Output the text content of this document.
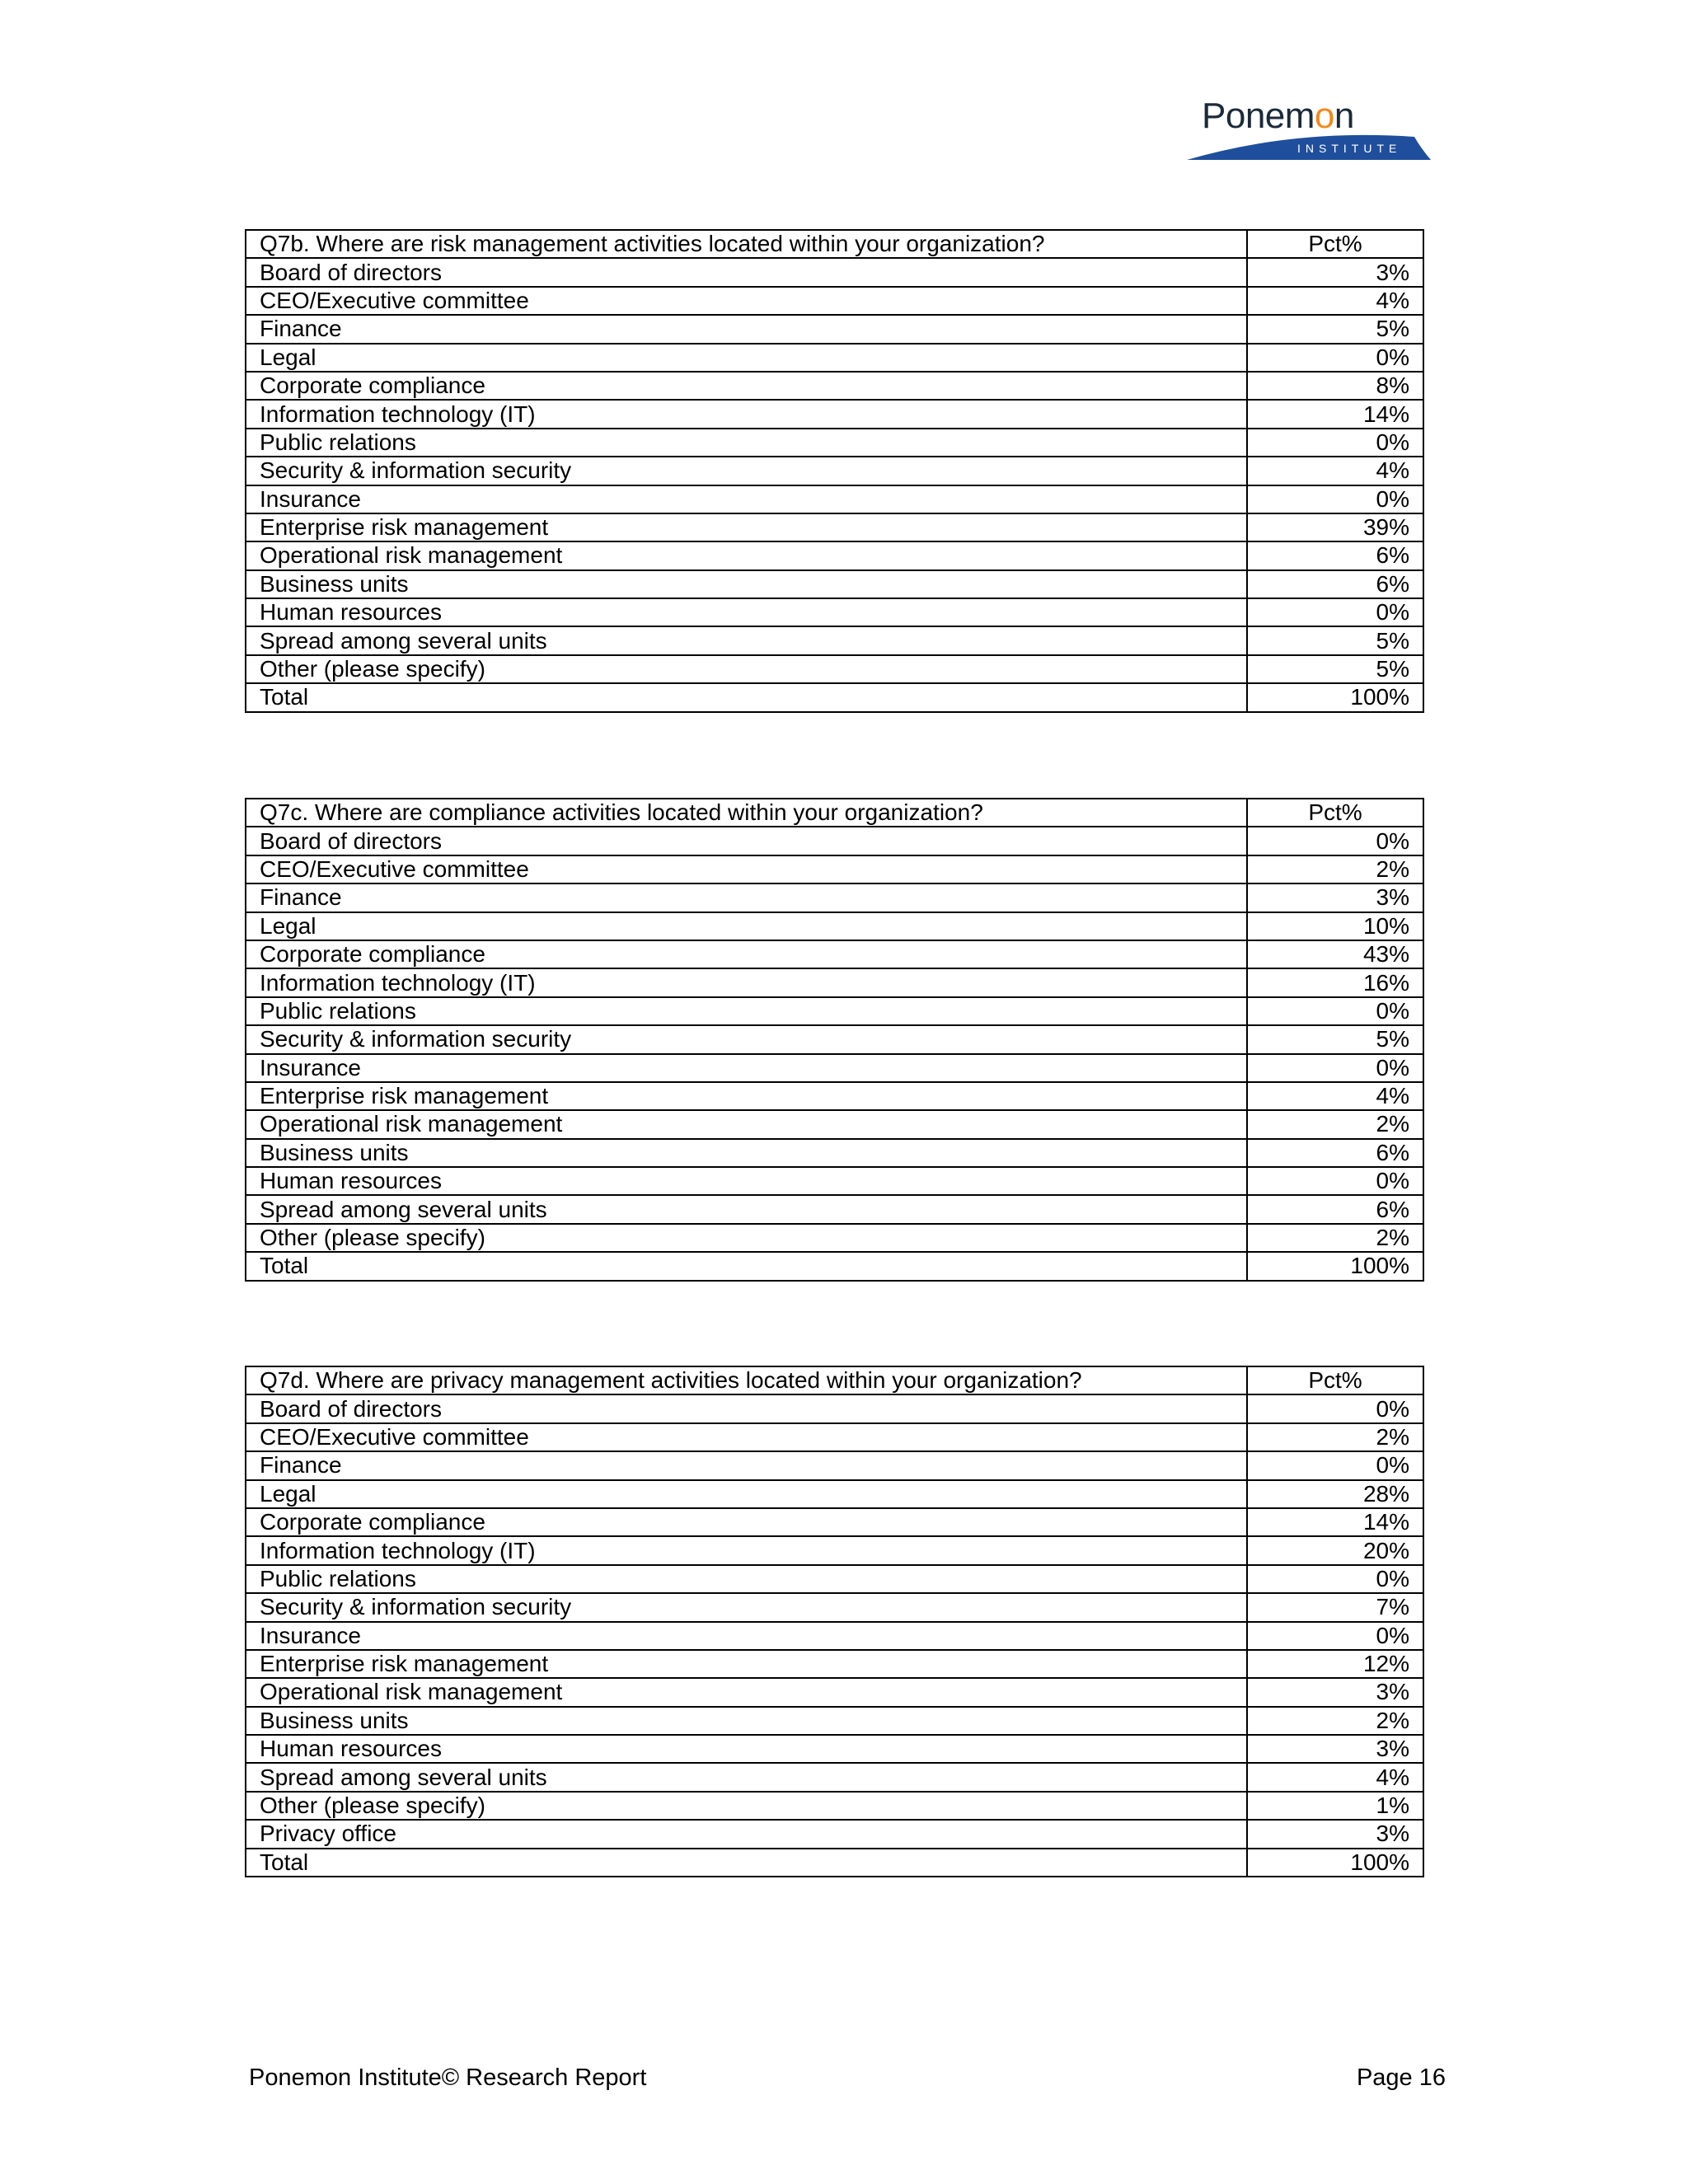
Ponemon
INSTITUTE
Q7b. Where are risk management activities located within your organization?	Pct%
Board of directors	3%
CEO/Executive committee	4%
Finance	5%
Legal	0%
Corporate compliance	8%
Information technology (IT)	14%
Public relations	0%
Security & information security	4%
Insurance	0%
Enterprise risk management	39%
Operational risk management	6%
Business units	6%
Human resources	0%
Spread among several units	5%
Other (please specify)	5%
Total	100%
Q7c. Where are compliance activities located within your organization?	Pct%
Board of directors	0%
CEO/Executive committee	2%
Finance	3%
Legal	10%
Corporate compliance	43%
Information technology (IT)	16%
Public relations	0%
Security & information security	5%
Insurance	0%
Enterprise risk management	4%
Operational risk management	2%
Business units	6%
Human resources	0%
Spread among several units	6%
Other (please specify)	2%
Total	100%
Q7d. Where are privacy management activities located within your organization?	Pct%
Board of directors	0%
CEO/Executive committee	2%
Finance	0%
Legal	28%
Corporate compliance	14%
Information technology (IT)	20%
Public relations	0%
Security & information security	7%
Insurance	0%
Enterprise risk management	12%
Operational risk management	3%
Business units	2%
Human resources	3%
Spread among several units	4%
Other (please specify)	1%
Privacy office	3%
Total	100%
Ponemon Institute© Research Report	Page 16
